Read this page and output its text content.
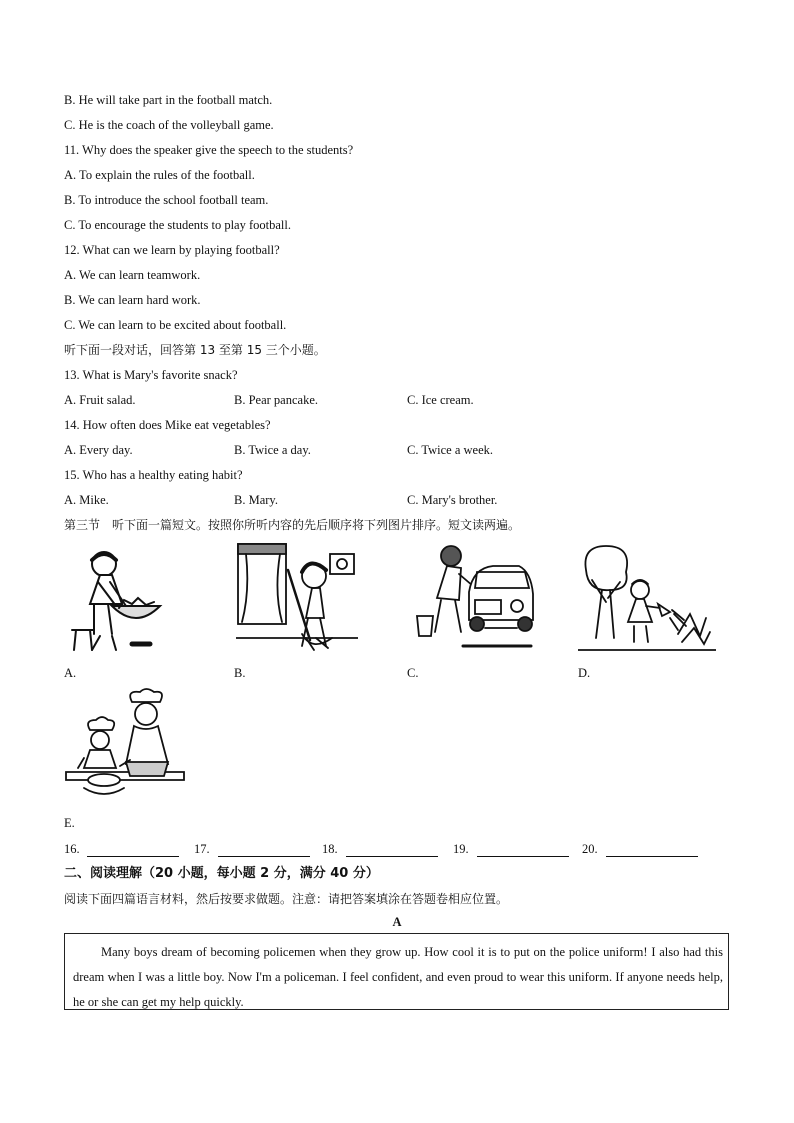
B. He will take part in the football match.
C. He is the coach of the volleyball game.
11. Why does the speaker give the speech to the students?
A. To explain the rules of the football.
B. To introduce the school football team.
C. To encourage the students to play football.
12. What can we learn by playing football?
A. We can learn teamwork.
B. We can learn hard work.
C. We can learn to be excited about football.
听下面一段对话，回答第 13 至第 15 三个小题。
13. What is Mary's favorite snack?
A. Fruit salad.	B. Pear pancake.	C. Ice cream.
14. How often does Mike eat vegetables?
A. Every day.	B. Twice a day.	C. Twice a week.
15. Who has a healthy eating habit?
A. Mike.	B. Mary.	C. Mary's brother.
第三节　听下面一篇短文。按照你所听内容的先后顺序将下列图片排序。短文读两遍。
A.	B.	C.	D.
E.
16.	17.	18.	19.	20.
二、阅读理解（20 小题，每小题 2 分，满分 40 分）
阅读下面四篇语言材料，然后按要求做题。注意：请把答案填涂在答题卷相应位置。
A

Many boys dream of becoming policemen when they grow up. How cool it is to put on the police uniform! I also had this dream when I was a little boy. Now I'm a policeman. I feel confident, and even proud to wear this uniform. If anyone needs help, he or she can get my help quickly.
